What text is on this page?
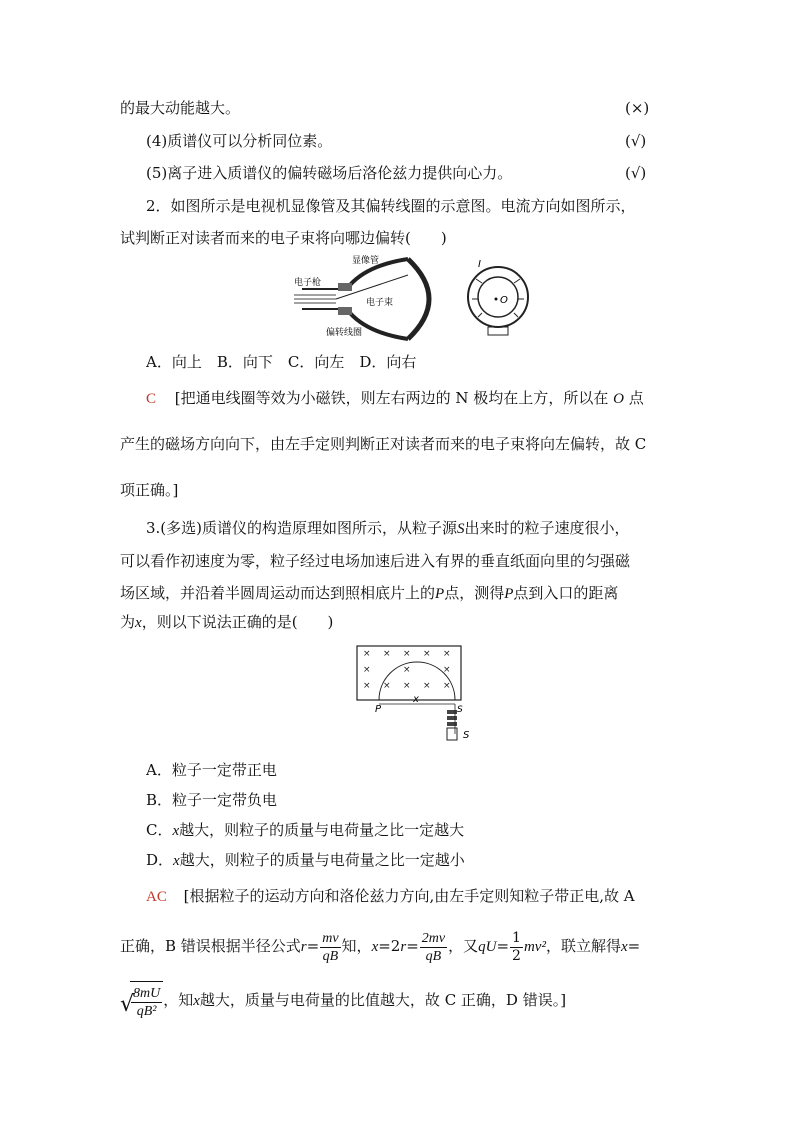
的最大动能越大。	(×)
(4)质谱仪可以分析同位素。	(√)
(5)离子进入质谱仪的偏转磁场后洛伦兹力提供向心力。	(√)
2．如图所示是电视机显像管及其偏转线圈的示意图。电流方向如图所示，
试判断正对读者而来的电子束将向哪边偏转(　　)
显像管
电子枪
电子束
偏转线圈
I
O
A．向上　B．向下　C．向左　D．向右
C [把通电线圈等效为小磁铁，则左右两边的 N 极均在上方，所以在 O 点
产生的磁场方向向下，由左手定则判断正对读者而来的电子束将向左偏转，故 C
项正确。]
3.(多选)质谱仪的构造原理如图所示，从粒子源S出来时的粒子速度很小，
可以看作初速度为零，粒子经过电场加速后进入有界的垂直纸面向里的匀强磁
场区域，并沿着半圆周运动而达到照相底片上的P点，测得P点到入口的距离
为x，则以下说法正确的是(　　)
× × × × ×
×	×	×
× × × × ×
P
x
S
S
A．粒子一定带正电
B．粒子一定带负电
C．x越大，则粒子的质量与电荷量之比一定越大
D．x越大，则粒子的质量与电荷量之比一定越小
AC [根据粒子的运动方向和洛伦兹力方向,由左手定则知粒子带正电,故 A
正确，B 错误根据半径公式$r= \frac{mv}{qB}$ 知，$x=2r= \frac{2mv}{qB}$ ，又$qU= \frac{1}{2} mv^2$，联立解得x=
√
$\frac{8mU}{\text{qB²}}$ ，知x越大，质量与电荷量的比值越大，故 C 正确，D 错误。]
